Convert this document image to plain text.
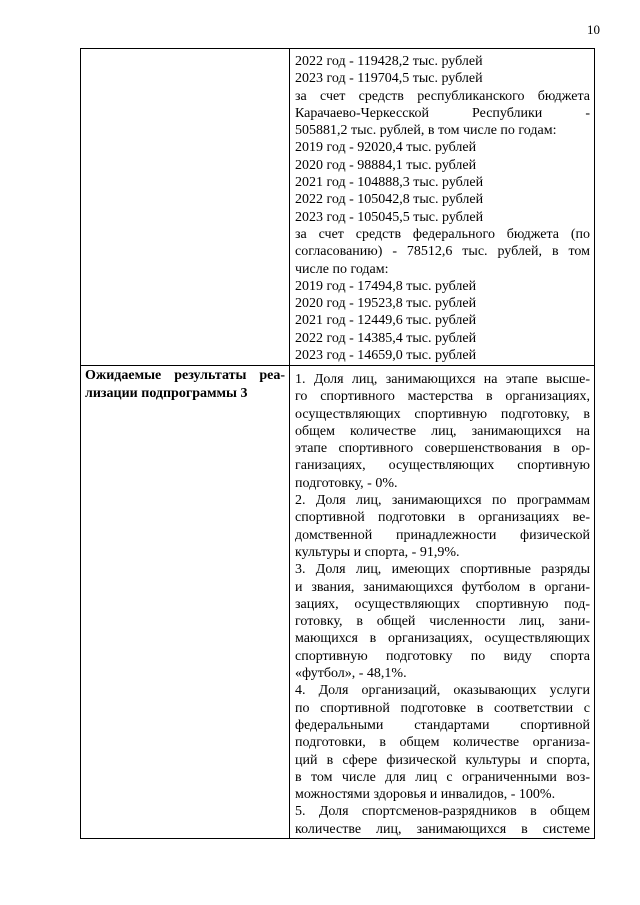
10
Ожидаемые результаты реа-
лизации подпрограммы 3
2022 год - 119428,2 тыс. рублей
2023 год - 119704,5 тыс. рублей
за счет средств республиканского бюджета
Карачаево-Черкесской Республики -
505881,2 тыс. рублей, в том числе по годам:
2019 год - 92020,4 тыс. рублей
2020 год - 98884,1 тыс. рублей
2021 год - 104888,3 тыс. рублей
2022 год - 105042,8 тыс. рублей
2023 год - 105045,5 тыс. рублей
за счет средств федерального бюджета (по
согласованию) - 78512,6 тыс. рублей, в том
числе по годам:
2019 год - 17494,8 тыс. рублей
2020 год - 19523,8 тыс. рублей
2021 год - 12449,6 тыс. рублей
2022 год - 14385,4 тыс. рублей
2023 год - 14659,0 тыс. рублей
1. Доля лиц, занимающихся на этапе высше-
го спортивного мастерства в организациях,
осуществляющих спортивную подготовку, в
общем количестве лиц, занимающихся на
этапе спортивного совершенствования в ор-
ганизациях, осуществляющих спортивную
подготовку, - 0%.
2. Доля лиц, занимающихся по программам
спортивной подготовки в организациях ве-
домственной принадлежности физической
культуры и спорта, - 91,9%.
3. Доля лиц, имеющих спортивные разряды
и звания, занимающихся футболом в органи-
зациях, осуществляющих спортивную под-
готовку, в общей численности лиц, зани-
мающихся в организациях, осуществляющих
спортивную подготовку по виду спорта
«футбол», - 48,1%.
4. Доля организаций, оказывающих услуги
по спортивной подготовке в соответствии с
федеральными стандартами спортивной
подготовки, в общем количестве организа-
ций в сфере физической культуры и спорта,
в том числе для лиц с ограниченными воз-
можностями здоровья и инвалидов, - 100%.
5. Доля спортсменов-разрядников в общем
количестве лиц, занимающихся в системе
